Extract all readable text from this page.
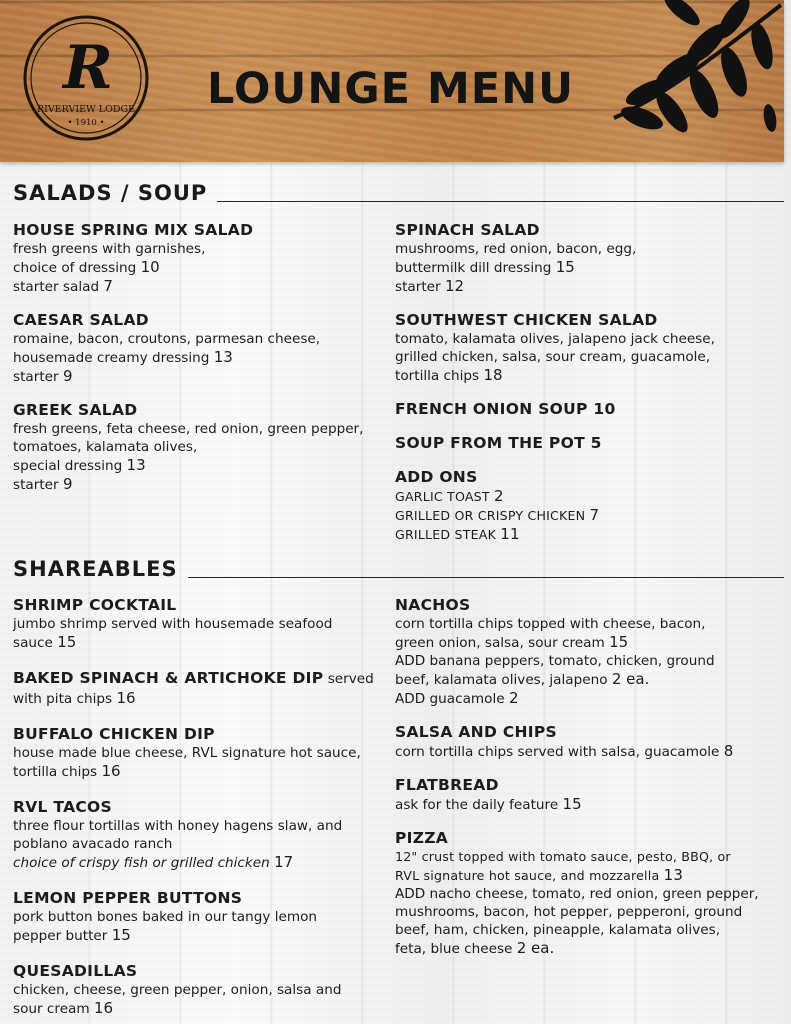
R
RIVERVIEW LODGE
• 1910 •
LOUNGE MENU
SALADS / SOUP
HOUSE SPRING MIX SALAD

fresh greens with garnishes,

choice of dressing 10

starter salad 7

CAESAR SALAD

romaine, bacon, croutons, parmesan cheese,

housemade creamy dressing 13

starter 9

GREEK SALAD

fresh greens, feta cheese, red onion, green pepper,

tomatoes, kalamata olives,

special dressing 13

starter 9

SPINACH SALAD

mushrooms, red onion, bacon, egg,

buttermilk dill dressing 15

starter 12

SOUTHWEST CHICKEN SALAD

tomato, kalamata olives, jalapeno jack cheese,

grilled chicken, salsa, sour cream, guacamole,

tortilla chips 18

FRENCH ONION SOUP 10
SOUP FROM THE POT 5
ADD ONS

GARLIC TOAST 2

GRILLED OR CRISPY CHICKEN 7

GRILLED STEAK 11

SHAREABLES
SHRIMP COCKTAIL

jumbo shrimp served with housemade seafood

sauce 15

BAKED SPINACH & ARTICHOKE DIP served

with pita chips 16

BUFFALO CHICKEN DIP

house made blue cheese, RVL signature hot sauce,

tortilla chips 16

RVL TACOS

three flour tortillas with honey hagens slaw, and

poblano avacado ranch

choice of crispy fish or grilled chicken 17

LEMON PEPPER BUTTONS

pork button bones baked in our tangy lemon

pepper butter 15

QUESADILLAS

chicken, cheese, green pepper, onion, salsa and

sour cream 16

NACHOS

corn tortilla chips topped with cheese, bacon,

green onion, salsa, sour cream 15

ADD banana peppers, tomato, chicken, ground

beef, kalamata olives, jalapeno 2 ea.

ADD guacamole 2

SALSA AND CHIPS

corn tortilla chips served with salsa, guacamole 8

FLATBREAD

ask for the daily feature 15

PIZZA

12" crust topped with tomato sauce, pesto, BBQ, or

RVL signature hot sauce, and mozzarella 13

ADD nacho cheese, tomato, red onion, green pepper,

mushrooms, bacon, hot pepper, pepperoni, ground

beef, ham, chicken, pineapple, kalamata olives,

feta, blue cheese 2 ea.
